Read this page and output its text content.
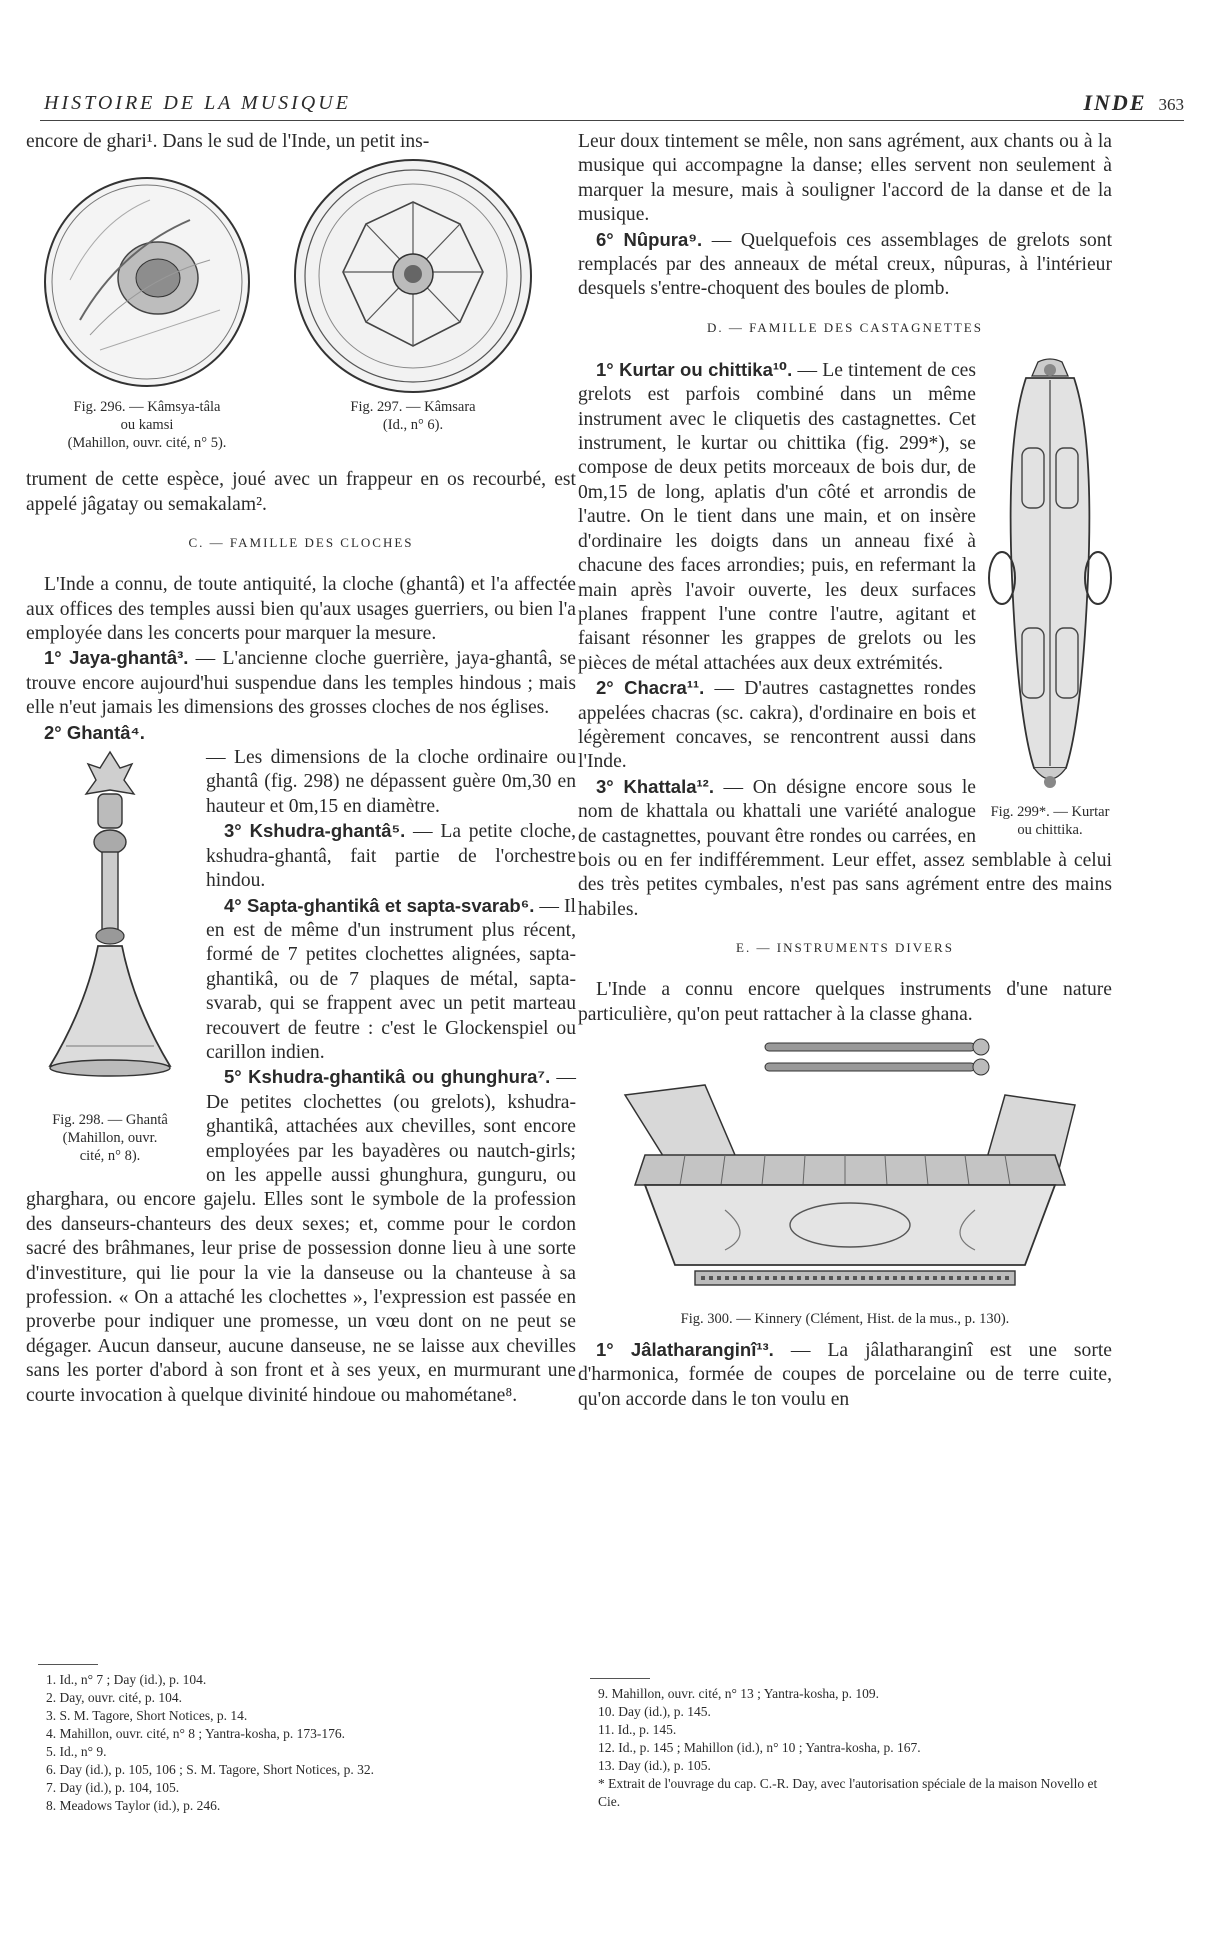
HISTOIRE DE LA MUSIQUE	INDE 363

encore de ghari¹. Dans le sud de l'Inde, un petit ins-

Fig. 296. — Kâmsya-tâla
ou kamsi
(Mahillon, ouvr. cité, n° 5).
Fig. 297. — Kâmsara
(Id., n° 6).

trument de cette espèce, joué avec un frappeur en os recourbé, est appelé jâgatay ou semakalam².

C. — FAMILLE DES CLOCHES

L'Inde a connu, de toute antiquité, la cloche (ghantâ) et l'a affectée aux offices des temples aussi bien qu'aux usages guerriers, ou bien l'a employée dans les concerts pour marquer la mesure.

1° Jaya-ghantâ³. — L'ancienne cloche guerrière, jaya-ghantâ, se trouve encore aujourd'hui suspendue dans les temples hindous ; mais elle n'eut jamais les dimensions des grosses cloches de nos églises.

2° Ghantâ⁴.

Fig. 298. — Ghantâ
(Mahillon, ouvr.
cité, n° 8).

— Les dimensions de la cloche ordinaire ou ghantâ (fig. 298) ne dépassent guère 0m,30 en hauteur et 0m,15 en diamètre.

3° Kshudra-ghantâ⁵. — La petite cloche, kshudra-ghantâ, fait partie de l'orchestre hindou.

4° Sapta-ghantikâ et sapta-svarab⁶. — Il en est de même d'un instrument plus récent, formé de 7 petites clochettes alignées, sapta-ghantikâ, ou de 7 plaques de métal, sapta-svarab, qui se frappent avec un petit marteau recouvert de feutre : c'est le Glockenspiel ou carillon indien.

5° Kshudra-ghantikâ ou ghunghura⁷. — De petites clochettes (ou grelots), kshudra-ghantikâ, attachées aux chevilles, sont encore employées par les bayadères ou nautch-girls; on les appelle aussi ghunghura, gunguru, ou gharghara, ou encore gajelu. Elles sont le symbole de la profession des danseurs-chanteurs des deux sexes; et, comme pour le cordon sacré des brâhmanes, leur prise de possession donne lieu à une sorte d'investiture, qui lie pour la vie la danseuse ou la chanteuse à sa profession. « On a attaché les clochettes », l'expression est passée en proverbe pour indiquer une promesse, un vœu dont on ne peut se dégager. Aucun danseur, aucune danseuse, ne se laisse aux chevilles sans les porter d'abord à son front et à ses yeux, en murmurant une courte invocation à quelque divinité hindoue ou mahométane⁸.

1. Id., n° 7 ; Day (id.), p. 104.
2. Day, ouvr. cité, p. 104.
3. S. M. Tagore, Short Notices, p. 14.
4. Mahillon, ouvr. cité, n° 8 ; Yantra-kosha, p. 173-176.
5. Id., n° 9.
6. Day (id.), p. 105, 106 ; S. M. Tagore, Short Notices, p. 32.
7. Day (id.), p. 104, 105.
8. Meadows Taylor (id.), p. 246.

Leur doux tintement se mêle, non sans agrément, aux chants ou à la musique qui accompagne la danse; elles servent non seulement à marquer la mesure, mais à souligner l'accord de la danse et de la musique.

6° Nûpura⁹. — Quelquefois ces assemblages de grelots sont remplacés par des anneaux de métal creux, nûpuras, à l'intérieur desquels s'entre-choquent des boules de plomb.

D. — FAMILLE DES CASTAGNETTES
Fig. 299*. — Kurtar
ou chittika.

1° Kurtar ou chittika¹⁰. — Le tintement de ces grelots est parfois combiné dans un même instrument avec le cliquetis des castagnettes. Cet instrument, le kurtar ou chittika (fig. 299*), se compose de deux petits morceaux de bois dur, de 0m,15 de long, aplatis d'un côté et arrondis de l'autre. On le tient dans une main, et on insère d'ordinaire les doigts dans un anneau fixé à chacune des faces arrondies; puis, en refermant la main après l'avoir ouverte, les deux surfaces planes frappent l'une contre l'autre, agitant et faisant résonner les grappes de grelots ou les pièces de métal attachées aux deux extrémités.

2° Chacra¹¹. — D'autres castagnettes rondes appelées chacras (sc. cakra), d'ordinaire en bois et légèrement concaves, se rencontrent aussi dans l'Inde.

3° Khattala¹². — On désigne encore sous le nom de khattala ou khattali une variété analogue de castagnettes, pouvant être rondes ou carrées, en bois ou en fer indifféremment. Leur effet, assez semblable à celui des très petites cymbales, n'est pas sans agrément entre des mains habiles.

E. — INSTRUMENTS DIVERS

L'Inde a connu encore quelques instruments d'une nature particulière, qu'on peut rattacher à la classe ghana.

Fig. 300. — Kinnery (Clément, Hist. de la mus., p. 130).

1° Jâlatharanginî¹³. — La jâlatharanginî est une sorte d'harmonica, formée de coupes de porcelaine ou de terre cuite, qu'on accorde dans le ton voulu en

9. Mahillon, ouvr. cité, n° 13 ; Yantra-kosha, p. 109.
10. Day (id.), p. 145.
11. Id., p. 145.
12. Id., p. 145 ; Mahillon (id.), n° 10 ; Yantra-kosha, p. 167.
13. Day (id.), p. 105.
* Extrait de l'ouvrage du cap. C.-R. Day, avec l'autorisation spéciale de la maison Novello et Cie.
